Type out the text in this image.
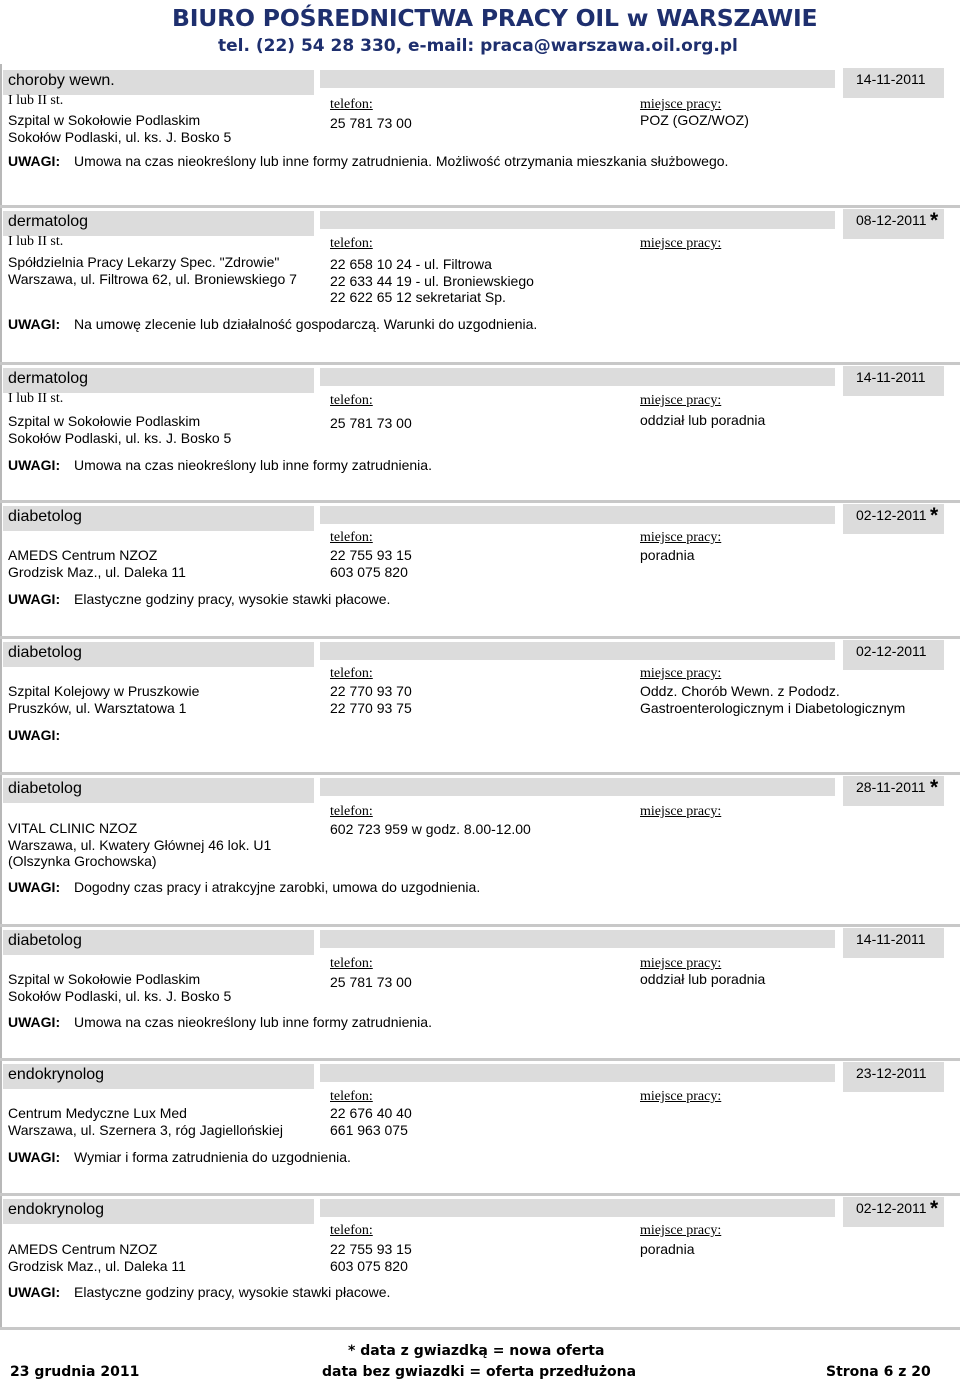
BIURO POŚREDNICTWA PRACY OIL w WARSZAWIE
tel. (22) 54 28 330, e-mail: praca@warszawa.oil.org.pl
choroby wewn.	14-11-2011
I lub II st.	telefon:	miejsce pracy:
Szpital w Sokołowie Podlaskim
Sokołów Podlaski, ul. ks. J. Bosko 5
25 781 73 00	POZ (GOZ/WOZ)
UWAGI: Umowa na czas nieokreślony lub inne formy zatrudnienia. Możliwość otrzymania mieszkania służbowego.
dermatolog	08-12-2011 *
I lub II st.	telefon:	miejsce pracy:
Spółdzielnia Pracy Lekarzy Spec. "Zdrowie"
Warszawa, ul. Filtrowa 62, ul. Broniewskiego 7
22 658 10 24 - ul. Filtrowa
22 633 44 19 - ul. Broniewskiego
22 622 65 12 sekretariat Sp.
UWAGI: Na umowę zlecenie lub działalność gospodarczą. Warunki do uzgodnienia.
dermatolog	14-11-2011
I lub II st.	telefon:	miejsce pracy:
Szpital w Sokołowie Podlaskim
Sokołów Podlaski, ul. ks. J. Bosko 5
25 781 73 00	oddział lub poradnia
UWAGI: Umowa na czas nieokreślony lub inne formy zatrudnienia.
diabetolog	02-12-2011 *
telefon:	miejsce pracy:
AMEDS Centrum NZOZ
Grodzisk Maz., ul. Daleka 11
22 755 93 15
603 075 820
poradnia
UWAGI: Elastyczne godziny pracy, wysokie stawki płacowe.
diabetolog	02-12-2011
telefon:	miejsce pracy:
Szpital Kolejowy w Pruszkowie
Pruszków, ul. Warsztatowa 1
22 770 93 70
22 770 93 75
Oddz. Chorób Wewn. z Pododz.
Gastroenterologicznym i Diabetologicznym
UWAGI:
diabetolog	28-11-2011 *
telefon:	miejsce pracy:
VITAL CLINIC NZOZ
Warszawa, ul. Kwatery Głównej 46 lok. U1
(Olszynka Grochowska)
602 723 959 w godz. 8.00-12.00
UWAGI: Dogodny czas pracy i atrakcyjne zarobki, umowa do uzgodnienia.
diabetolog	14-11-2011
telefon:	miejsce pracy:
Szpital w Sokołowie Podlaskim
Sokołów Podlaski, ul. ks. J. Bosko 5
25 781 73 00	oddział lub poradnia
UWAGI: Umowa na czas nieokreślony lub inne formy zatrudnienia.
endokrynolog	23-12-2011
telefon:	miejsce pracy:
Centrum Medyczne Lux Med
Warszawa, ul. Szernera 3, róg Jagiellońskiej
22 676 40 40
661 963 075
UWAGI: Wymiar i forma zatrudnienia do uzgodnienia.
endokrynolog	02-12-2011 *
telefon:	miejsce pracy:
AMEDS Centrum NZOZ
Grodzisk Maz., ul. Daleka 11
22 755 93 15
603 075 820
poradnia
UWAGI: Elastyczne godziny pracy, wysokie stawki płacowe.
23 grudnia 2011
* data z gwiazdką = nowa oferta
data bez gwiazdki = oferta przedłużona	Strona 6 z 20
